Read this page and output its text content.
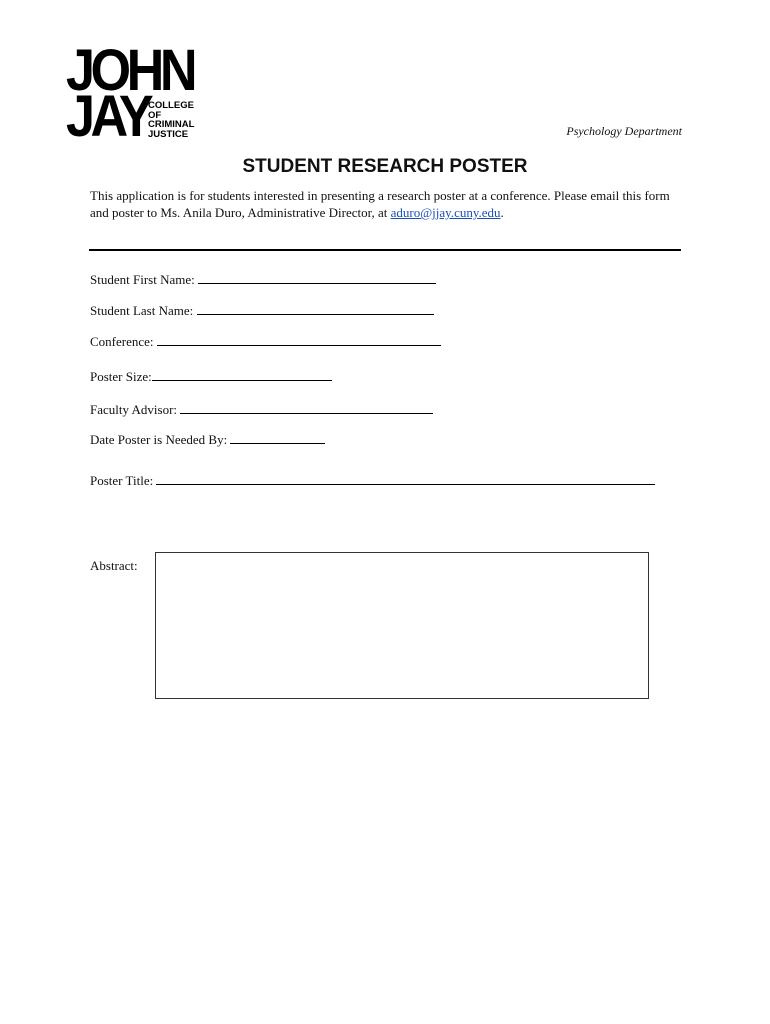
JOHN
JAY
COLLEGE
OF
CRIMINAL
JUSTICE	Psychology Department
STUDENT RESEARCH POSTER
This application is for students interested in presenting a research poster at a conference. Please email this form and poster to Ms. Anila Duro, Administrative Director, at aduro@jjay.cuny.edu.
Student First Name:
Student Last Name:
Conference:
Poster Size:
Faculty Advisor:
Date Poster is Needed By:
Poster Title:
Abstract:
